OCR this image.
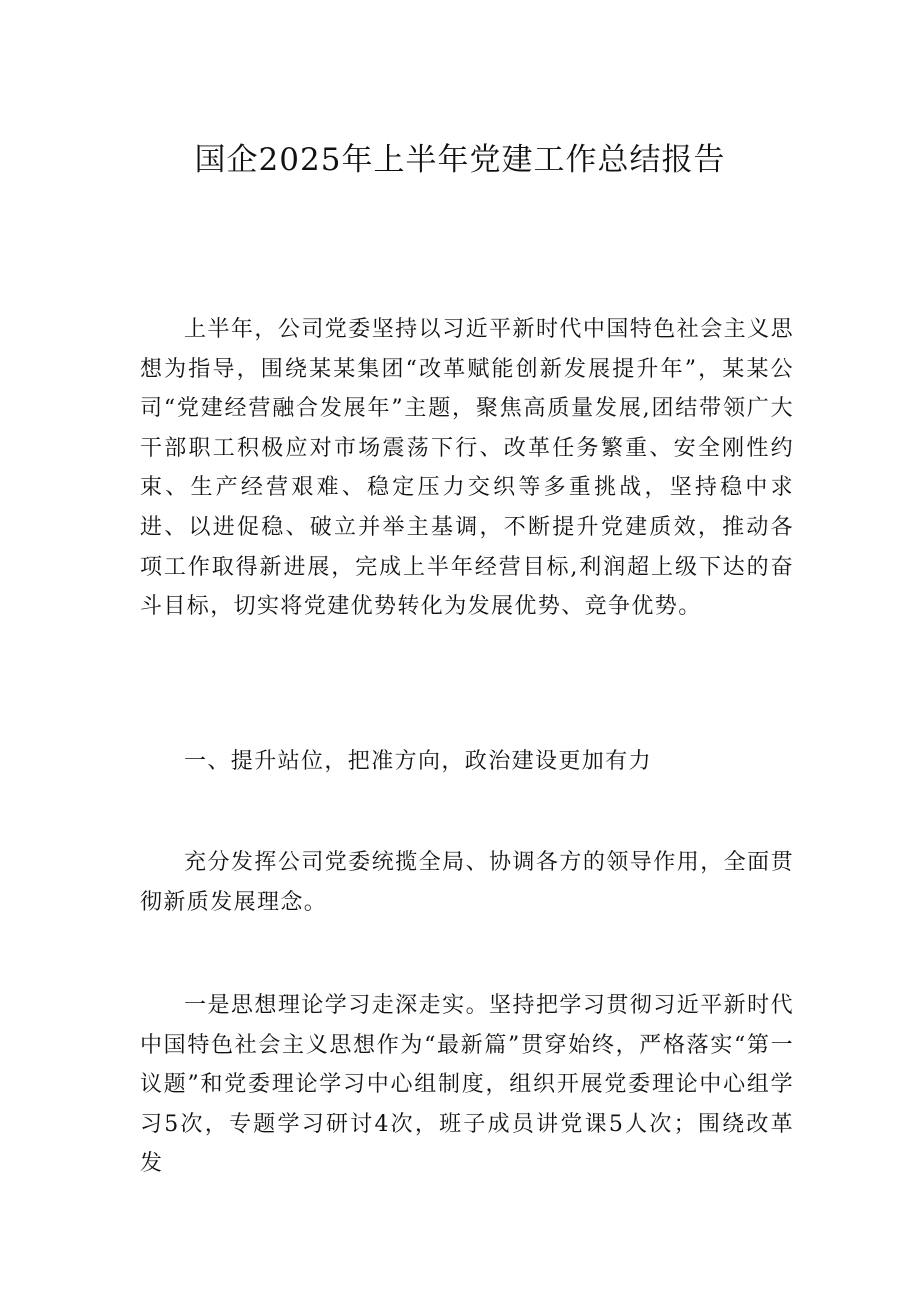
国企2025年上半年党建工作总结报告

上半年，公司党委坚持以习近平新时代中国特色社会主义思想为指导，围绕某某集团“改革赋能创新发展提升年”，某某公司“党建经营融合发展年”主题，聚焦高质量发展,团结带领广大干部职工积极应对市场震荡下行、改革任务繁重、安全刚性约束、生产经营艰难、稳定压力交织等多重挑战，坚持稳中求进、以进促稳、破立并举主基调，不断提升党建质效，推动各项工作取得新进展，完成上半年经营目标,利润超上级下达的奋斗目标，切实将党建优势转化为发展优势、竞争优势。

一、提升站位，把准方向，政治建设更加有力

充分发挥公司党委统揽全局、协调各方的领导作用，全面贯彻新质发展理念。

一是思想理论学习走深走实。坚持把学习贯彻习近平新时代中国特色社会主义思想作为“最新篇”贯穿始终，严格落实“第一议题”和党委理论学习中心组制度，组织开展党委理论中心组学习5次，专题学习研讨4次，班子成员讲党课5人次；围绕改革发
